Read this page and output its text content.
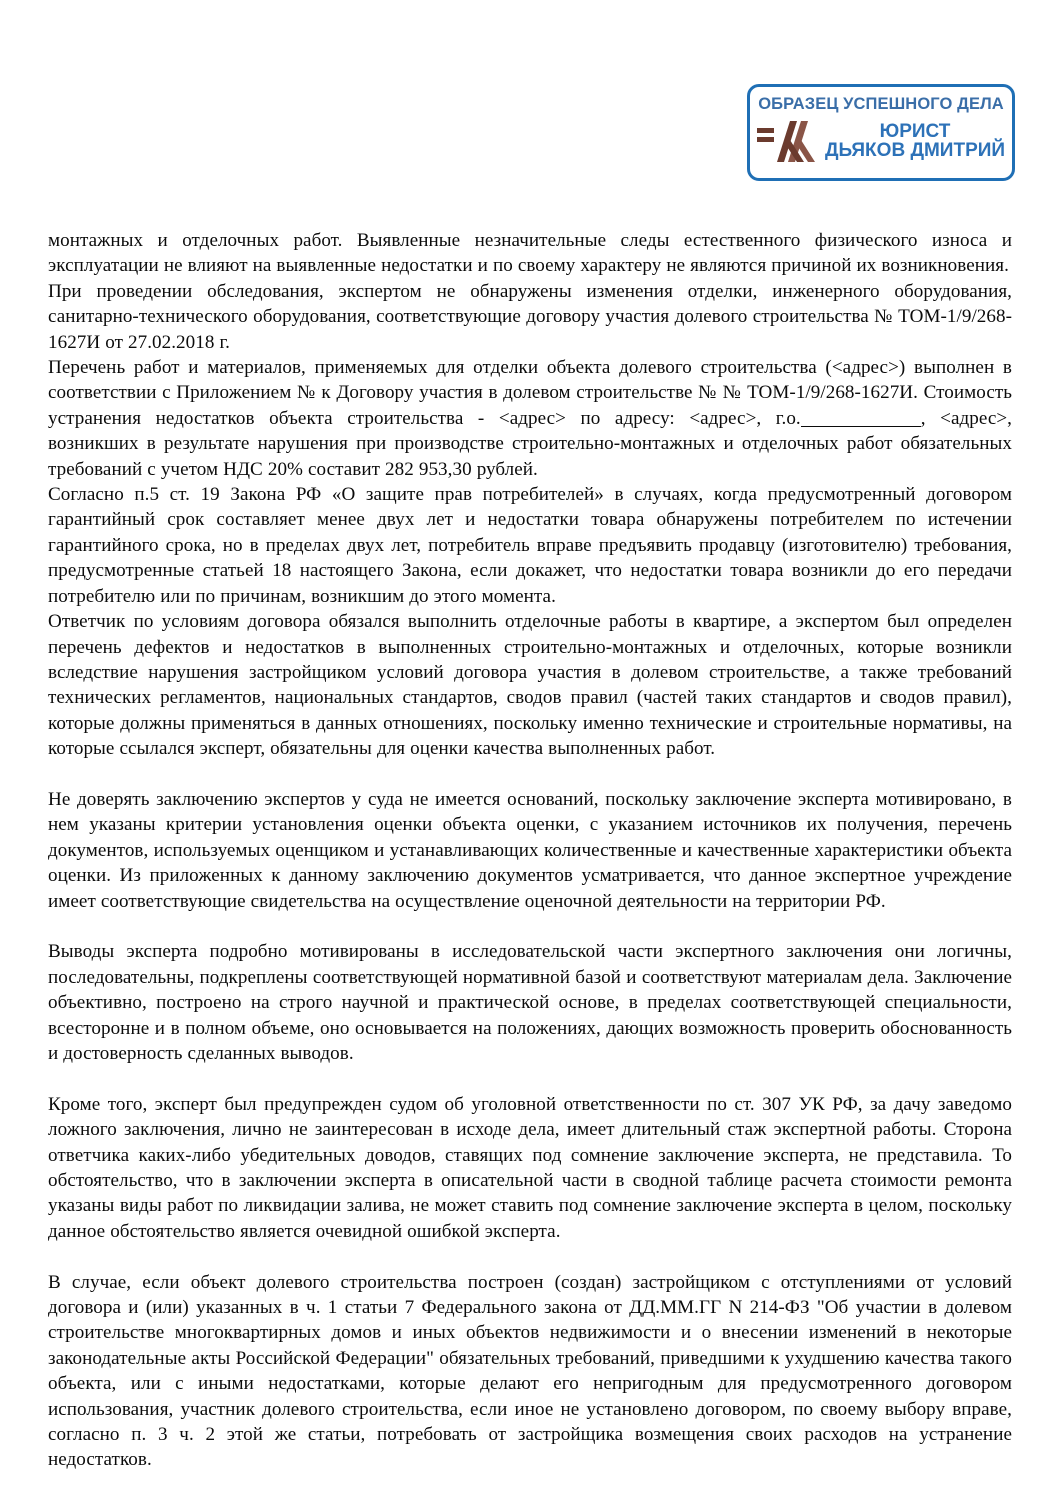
ОБРАЗЕЦ УСПЕШНОГО ДЕЛА
ЮРИСТ
ДЬЯКОВ ДМИТРИЙ

монтажных и отделочных работ. Выявленные незначительные следы естественного физического износа и эксплуатации не влияют на выявленные недостатки и по своему характеру не являются причиной их возникновения.

При проведении обследования, экспертом не обнаружены изменения отделки, инженерного оборудования, санитарно-технического оборудования, соответствующие договору участия долевого строительства № ТОМ-1/9/268-1627И от 27.02.2018 г.

Перечень работ и материалов, применяемых для отделки объекта долевого строительства (<адрес>) выполнен в соответствии с Приложением № к Договору участия в долевом строительстве № № ТОМ-1/9/268-1627И. Стоимость устранения недостатков объекта строительства - <адрес> по адресу: <адрес>, г.о.	, <адрес>, возникших в результате нарушения при производстве строительно-монтажных и отделочных работ обязательных требований с учетом НДС 20% составит 282 953,30 рублей.

Согласно п.5 ст. 19 Закона РФ «О защите прав потребителей» в случаях, когда предусмотренный договором гарантийный срок составляет менее двух лет и недостатки товара обнаружены потребителем по истечении гарантийного срока, но в пределах двух лет, потребитель вправе предъявить продавцу (изготовителю) требования, предусмотренные статьей 18 настоящего Закона, если докажет, что недостатки товара возникли до его передачи потребителю или по причинам, возникшим до этого момента.

Ответчик по условиям договора обязался выполнить отделочные работы в квартире, а экспертом был определен перечень дефектов и недостатков в выполненных строительно-монтажных и отделочных, которые возникли вследствие нарушения застройщиком условий договора участия в долевом строительстве, а также требований технических регламентов, национальных стандартов, сводов правил (частей таких стандартов и сводов правил), которые должны применяться в данных отношениях, поскольку именно технические и строительные нормативы, на которые ссылался эксперт, обязательны для оценки качества выполненных работ.

Не доверять заключению экспертов у суда не имеется оснований, поскольку заключение эксперта мотивировано, в нем указаны критерии установления оценки объекта оценки, с указанием источников их получения, перечень документов, используемых оценщиком и устанавливающих количественные и качественные характеристики объекта оценки. Из приложенных к данному заключению документов усматривается, что данное экспертное учреждение имеет соответствующие свидетельства на осуществление оценочной деятельности на территории РФ.

Выводы эксперта подробно мотивированы в исследовательской части экспертного заключения они логичны, последовательны, подкреплены соответствующей нормативной базой и соответствуют материалам дела. Заключение объективно, построено на строго научной и практической основе, в пределах соответствующей специальности, всесторонне и в полном объеме, оно основывается на положениях, дающих возможность проверить обоснованность и достоверность сделанных выводов.

Кроме того, эксперт был предупрежден судом об уголовной ответственности по ст. 307 УК РФ, за дачу заведомо ложного заключения, лично не заинтересован в исходе дела, имеет длительный стаж экспертной работы. Сторона ответчика каких-либо убедительных доводов, ставящих под сомнение заключение эксперта, не представила. То обстоятельство, что в заключении эксперта в описательной части в сводной таблице расчета стоимости ремонта указаны виды работ по ликвидации залива, не может ставить под сомнение заключение эксперта в целом, поскольку данное обстоятельство является очевидной ошибкой эксперта.

В случае, если объект долевого строительства построен (создан) застройщиком с отступлениями от условий договора и (или) указанных в ч. 1 статьи 7 Федерального закона от ДД.ММ.ГГ N 214-ФЗ "Об участии в долевом строительстве многоквартирных домов и иных объектов недвижимости и о внесении изменений в некоторые законодательные акты Российской Федерации" обязательных требований, приведшими к ухудшению качества такого объекта, или с иными недостатками, которые делают его непригодным для предусмотренного договором использования, участник долевого строительства, если иное не установлено договором, по своему выбору вправе, согласно п. 3 ч. 2 этой же статьи, потребовать от застройщика возмещения своих расходов на устранение недостатков.
